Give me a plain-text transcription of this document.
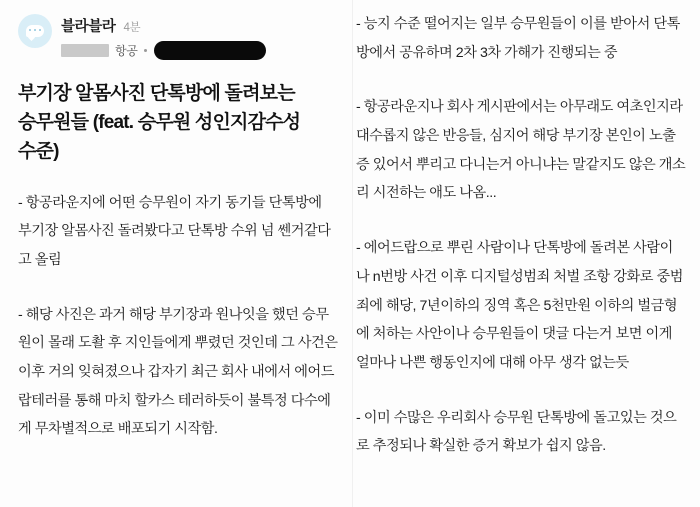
블라블라 4분
항공
부기장 알몸사진 단톡방에 돌려보는 승무원들 (feat. 승무원 성인지감수성 수준)
- 항공라운지에 어떤 승무원이 자기 동기들 단톡방에 부기장 알몸사진 돌려봤다고 단톡방 수위 넘 쎈거같다고 올림
- 해당 사진은 과거 해당 부기장과 원나잇을 했던 승무원이 몰래 도촬 후 지인들에게 뿌렸던 것인데 그 사건은 이후 거의 잊혀졌으나 갑자기 최근 회사 내에서 에어드랍테러를 통해 마치 할카스 테러하듯이 불특정 다수에게 무차별적으로 배포되기 시작함.
- 능지 수준 떨어지는 일부 승무원들이 이를 받아서 단톡방에서 공유하며 2차 3차 가해가 진행되는 중
- 항공라운지나 회사 게시판에서는 아무래도 여초인지라 대수롭지 않은 반응들, 심지어 해당 부기장 본인이 노출증 있어서 뿌리고 다니는거 아니냐는 말같지도 않은 개소리 시전하는 애도 나옴...
- 에어드랍으로 뿌린 사람이나 단톡방에 돌려본 사람이나 n번방 사건 이후 디지털성범죄 처벌 조항 강화로 중범죄에 해당, 7년이하의 징역 혹은 5천만원 이하의 벌금형에 처하는 사안이나 승무원들이 댓글 다는거 보면 이게 얼마나 나쁜 행동인지에 대해 아무 생각 없는듯
- 이미 수많은 우리회사 승무원 단톡방에 돌고있는 것으로 추정되나 확실한 증거 확보가 쉽지 않음.
